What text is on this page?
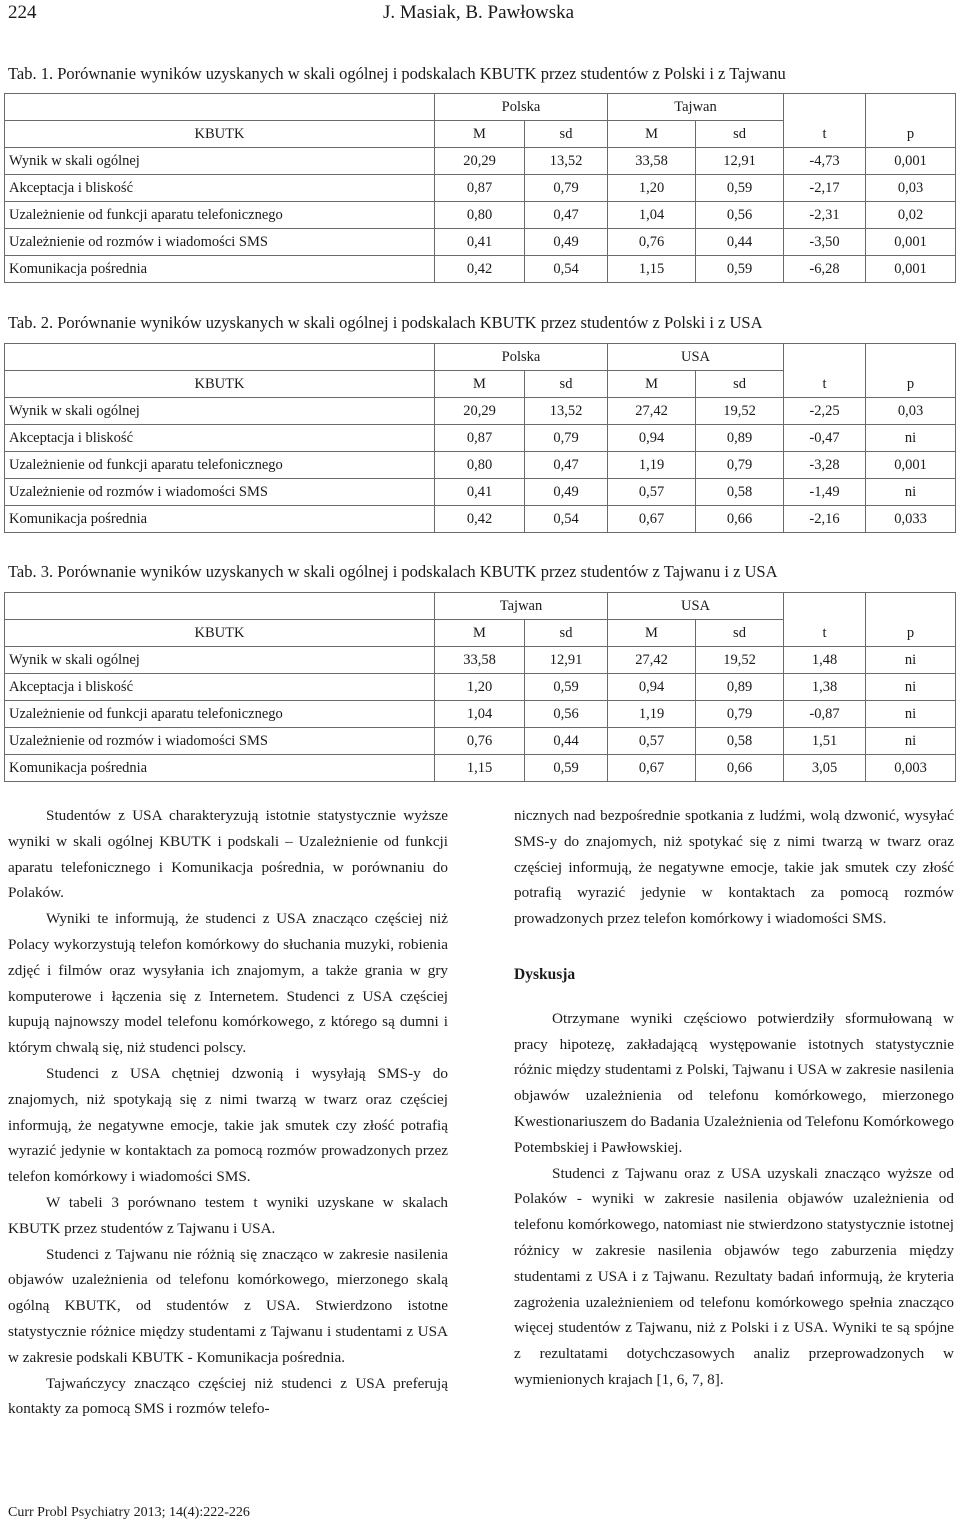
224	J. Masiak, B. Pawłowska
Tab. 1. Porównanie wyników uzyskanych w skali ogólnej i podskalach KBUTK przez studentów z Polski i z Tajwanu
	Polska		Tajwan			
KBUTK	M	sd	M	sd	t	p
Wynik w skali ogólnej	20,29	13,52	33,58	12,91	-4,73	0,001
Akceptacja i bliskość	0,87	0,79	1,20	0,59	-2,17	0,03
Uzależnienie od funkcji aparatu telefonicznego	0,80	0,47	1,04	0,56	-2,31	0,02
Uzależnienie od rozmów i wiadomości SMS	0,41	0,49	0,76	0,44	-3,50	0,001
Komunikacja pośrednia	0,42	0,54	1,15	0,59	-6,28	0,001
Tab. 2. Porównanie wyników uzyskanych w skali ogólnej i podskalach KBUTK przez studentów z Polski i z USA
	Polska		USA			
KBUTK	M	sd	M	sd	t	p
Wynik w skali ogólnej	20,29	13,52	27,42	19,52	-2,25	0,03
Akceptacja i bliskość	0,87	0,79	0,94	0,89	-0,47	ni
Uzależnienie od funkcji aparatu telefonicznego	0,80	0,47	1,19	0,79	-3,28	0,001
Uzależnienie od rozmów i wiadomości SMS	0,41	0,49	0,57	0,58	-1,49	ni
Komunikacja pośrednia	0,42	0,54	0,67	0,66	-2,16	0,033
Tab. 3. Porównanie wyników uzyskanych w skali ogólnej i podskalach KBUTK przez studentów z Tajwanu i z USA
	Tajwan		USA			
KBUTK	M	sd	M	sd	t	p
Wynik w skali ogólnej	33,58	12,91	27,42	19,52	1,48	ni
Akceptacja i bliskość	1,20	0,59	0,94	0,89	1,38	ni
Uzależnienie od funkcji aparatu telefonicznego	1,04	0,56	1,19	0,79	-0,87	ni
Uzależnienie od rozmów i wiadomości SMS	0,76	0,44	0,57	0,58	1,51	ni
Komunikacja pośrednia	1,15	0,59	0,67	0,66	3,05	0,003

Studentów z USA charakteryzują istotnie statystycznie wyższe wyniki w skali ogólnej KBUTK i podskali – Uzależnienie od funkcji aparatu telefonicznego i Komunikacja pośrednia, w porównaniu do Polaków.

Wyniki te informują, że studenci z USA znacząco częściej niż Polacy wykorzystują telefon komórkowy do słuchania muzyki, robienia zdjęć i filmów oraz wysyłania ich znajomym, a także grania w gry komputerowe i łączenia się z Internetem. Studenci z USA częściej kupują najnowszy model telefonu komórkowego, z którego są dumni i którym chwalą się, niż studenci polscy.

Studenci z USA chętniej dzwonią i wysyłają SMS-y do znajomych, niż spotykają się z nimi twarzą w twarz oraz częściej informują, że negatywne emocje, takie jak smutek czy złość potrafią wyrazić jedynie w kontaktach za pomocą rozmów prowadzonych przez telefon komórkowy i wiadomości SMS.

W tabeli 3 porównano testem t wyniki uzyskane w skalach KBUTK przez studentów z Tajwanu i USA.

Studenci z Tajwanu nie różnią się znacząco w zakresie nasilenia objawów uzależnienia od telefonu komórkowego, mierzonego skalą ogólną KBUTK, od studentów z USA. Stwierdzono istotne statystycznie różnice między studentami z Tajwanu i studentami z USA w zakresie podskali KBUTK - Komunikacja pośrednia.

Tajwańczycy znacząco częściej niż studenci z USA preferują kontakty za pomocą SMS i rozmów telefo-

nicznych nad bezpośrednie spotkania z ludźmi, wolą dzwonić, wysyłać SMS-y do znajomych, niż spotykać się z nimi twarzą w twarz oraz częściej informują, że negatywne emocje, takie jak smutek czy złość potrafią wyrazić jedynie w kontaktach za pomocą rozmów prowadzonych przez telefon komórkowy i wiadomości SMS.

Dyskusja

Otrzymane wyniki częściowo potwierdziły sformułowaną w pracy hipotezę, zakładającą występowanie istotnych statystycznie różnic między studentami z Polski, Tajwanu i USA w zakresie nasilenia objawów uzależnienia od telefonu komórkowego, mierzonego Kwestionariuszem do Badania Uzależnienia od Telefonu Komórkowego Potembskiej i Pawłowskiej.

Studenci z Tajwanu oraz z USA uzyskali znacząco wyższe od Polaków - wyniki w zakresie nasilenia objawów uzależnienia od telefonu komórkowego, natomiast nie stwierdzono statystycznie istotnej różnicy w zakresie nasilenia objawów tego zaburzenia między studentami z USA i z Tajwanu. Rezultaty badań informują, że kryteria zagrożenia uzależnieniem od telefonu komórkowego spełnia znacząco więcej studentów z Tajwanu, niż z Polski i z USA. Wyniki te są spójne z rezultatami dotychczasowych analiz przeprowadzonych w wymienionych krajach [1, 6, 7, 8].

Curr Probl Psychiatry 2013; 14(4):222-226
